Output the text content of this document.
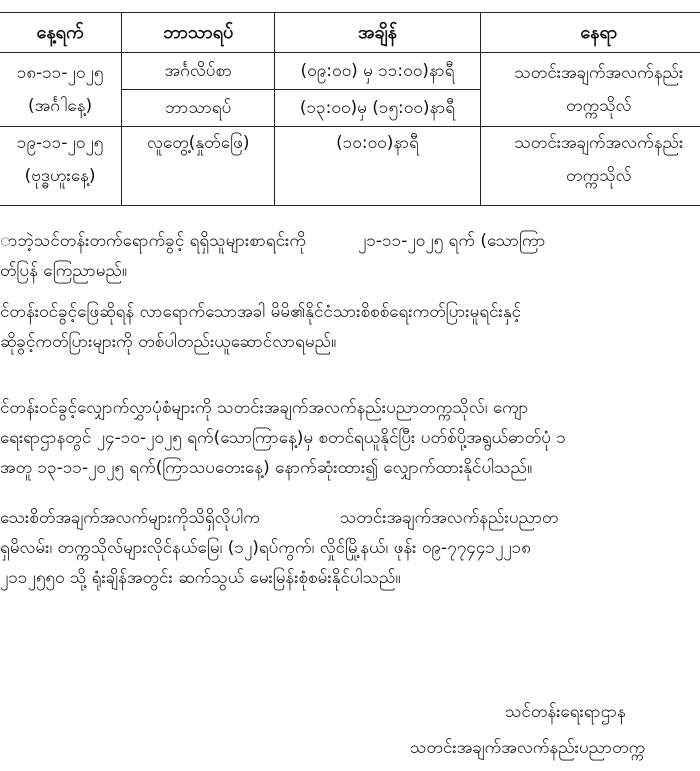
နေ့ရက်	ဘာသာရပ်	အချိန်	နေရာ
၁၈-၁၁-၂၀၂၅
(အင်္ဂါနေ့)	အင်္ဂလိပ်စာ	(၀၉:၀၀) မှ ၁၁:၀၀)နာရီ	သတင်းအချက်အလက်နည်း
တက္ကသိုလ်

	ဘာသာရပ်	(၁၃:၀၀)မှ (၁၅:၀၀)နာရီ	
၁၉-၁၁-၂၀၂၅
(ဗုဒ္ဓဟူးနေ့)	လူတွေ့(နှုတ်ဖြေ)	(၁၀:၀၀)နာရီ	သတင်းအချက်အလက်နည်း
တက္ကသိုလ်

ာဘဲ့သင်တန်းတက်ရောက်ခွင့် ရရှိသူများစာရင်းကို	၂၁-၁၁-၂၀၂၅ ရက် (သောကြာ
တ်ပြန် ကြေညာမည်။

င်တန်းဝင်ခွင့်ဖြေဆိုရန် လာရောက်သောအခါ မိမိ၏နိုင်ငံသားစိစစ်ရေးကတ်ပြားမူရင်းနှင့်
ဆိုခွင့်ကတ်ပြားများကို တစ်ပါတည်းယူဆောင်လာရမည်။

င်တန်းဝင်ခွင့်လျှောက်လွှာပုံစံများကို သတင်းအချက်အလက်နည်းပညာတက္ကသိုလ်၊ ကျော
ရေးရာဌာနတွင် ၂၄-၁၀-၂၀၂၅ ရက်(သောကြာနေ့)မှ စတင်ရယူနိုင်ပြီး ပတ်စ်ပို့အရွယ်ဓာတ်ပုံ ၁
အတူ ၁၃-၁၁-၂၀၂၅ ရက်(ကြာသပတေးနေ့) နောက်ဆုံးထား၍ လျှောက်ထားနိုင်ပါသည်။

သေးစိတ်အချက်အလက်များကိုသိရှိလိုပါက	သတင်းအချက်အလက်နည်းပညာတ
ရှမိလမ်း၊ တက္ကသိုလ်များလိုင်နယ်မြေ၊ (၁၂)ရပ်ကွက်၊ လှိုင်မြို့နယ်၊ ဖုန်း ၀၉-၇၇၄၄၁၂၂၁၈
၂၁၁၂၅၅၀ သို့ ရုံးချိန်အတွင်း ဆက်သွယ် မေးမြန်းစုံစမ်းနိုင်ပါသည်။

သင်တန်းရေးရာဌာန
သတင်းအချက်အလက်နည်းပညာတက္က
